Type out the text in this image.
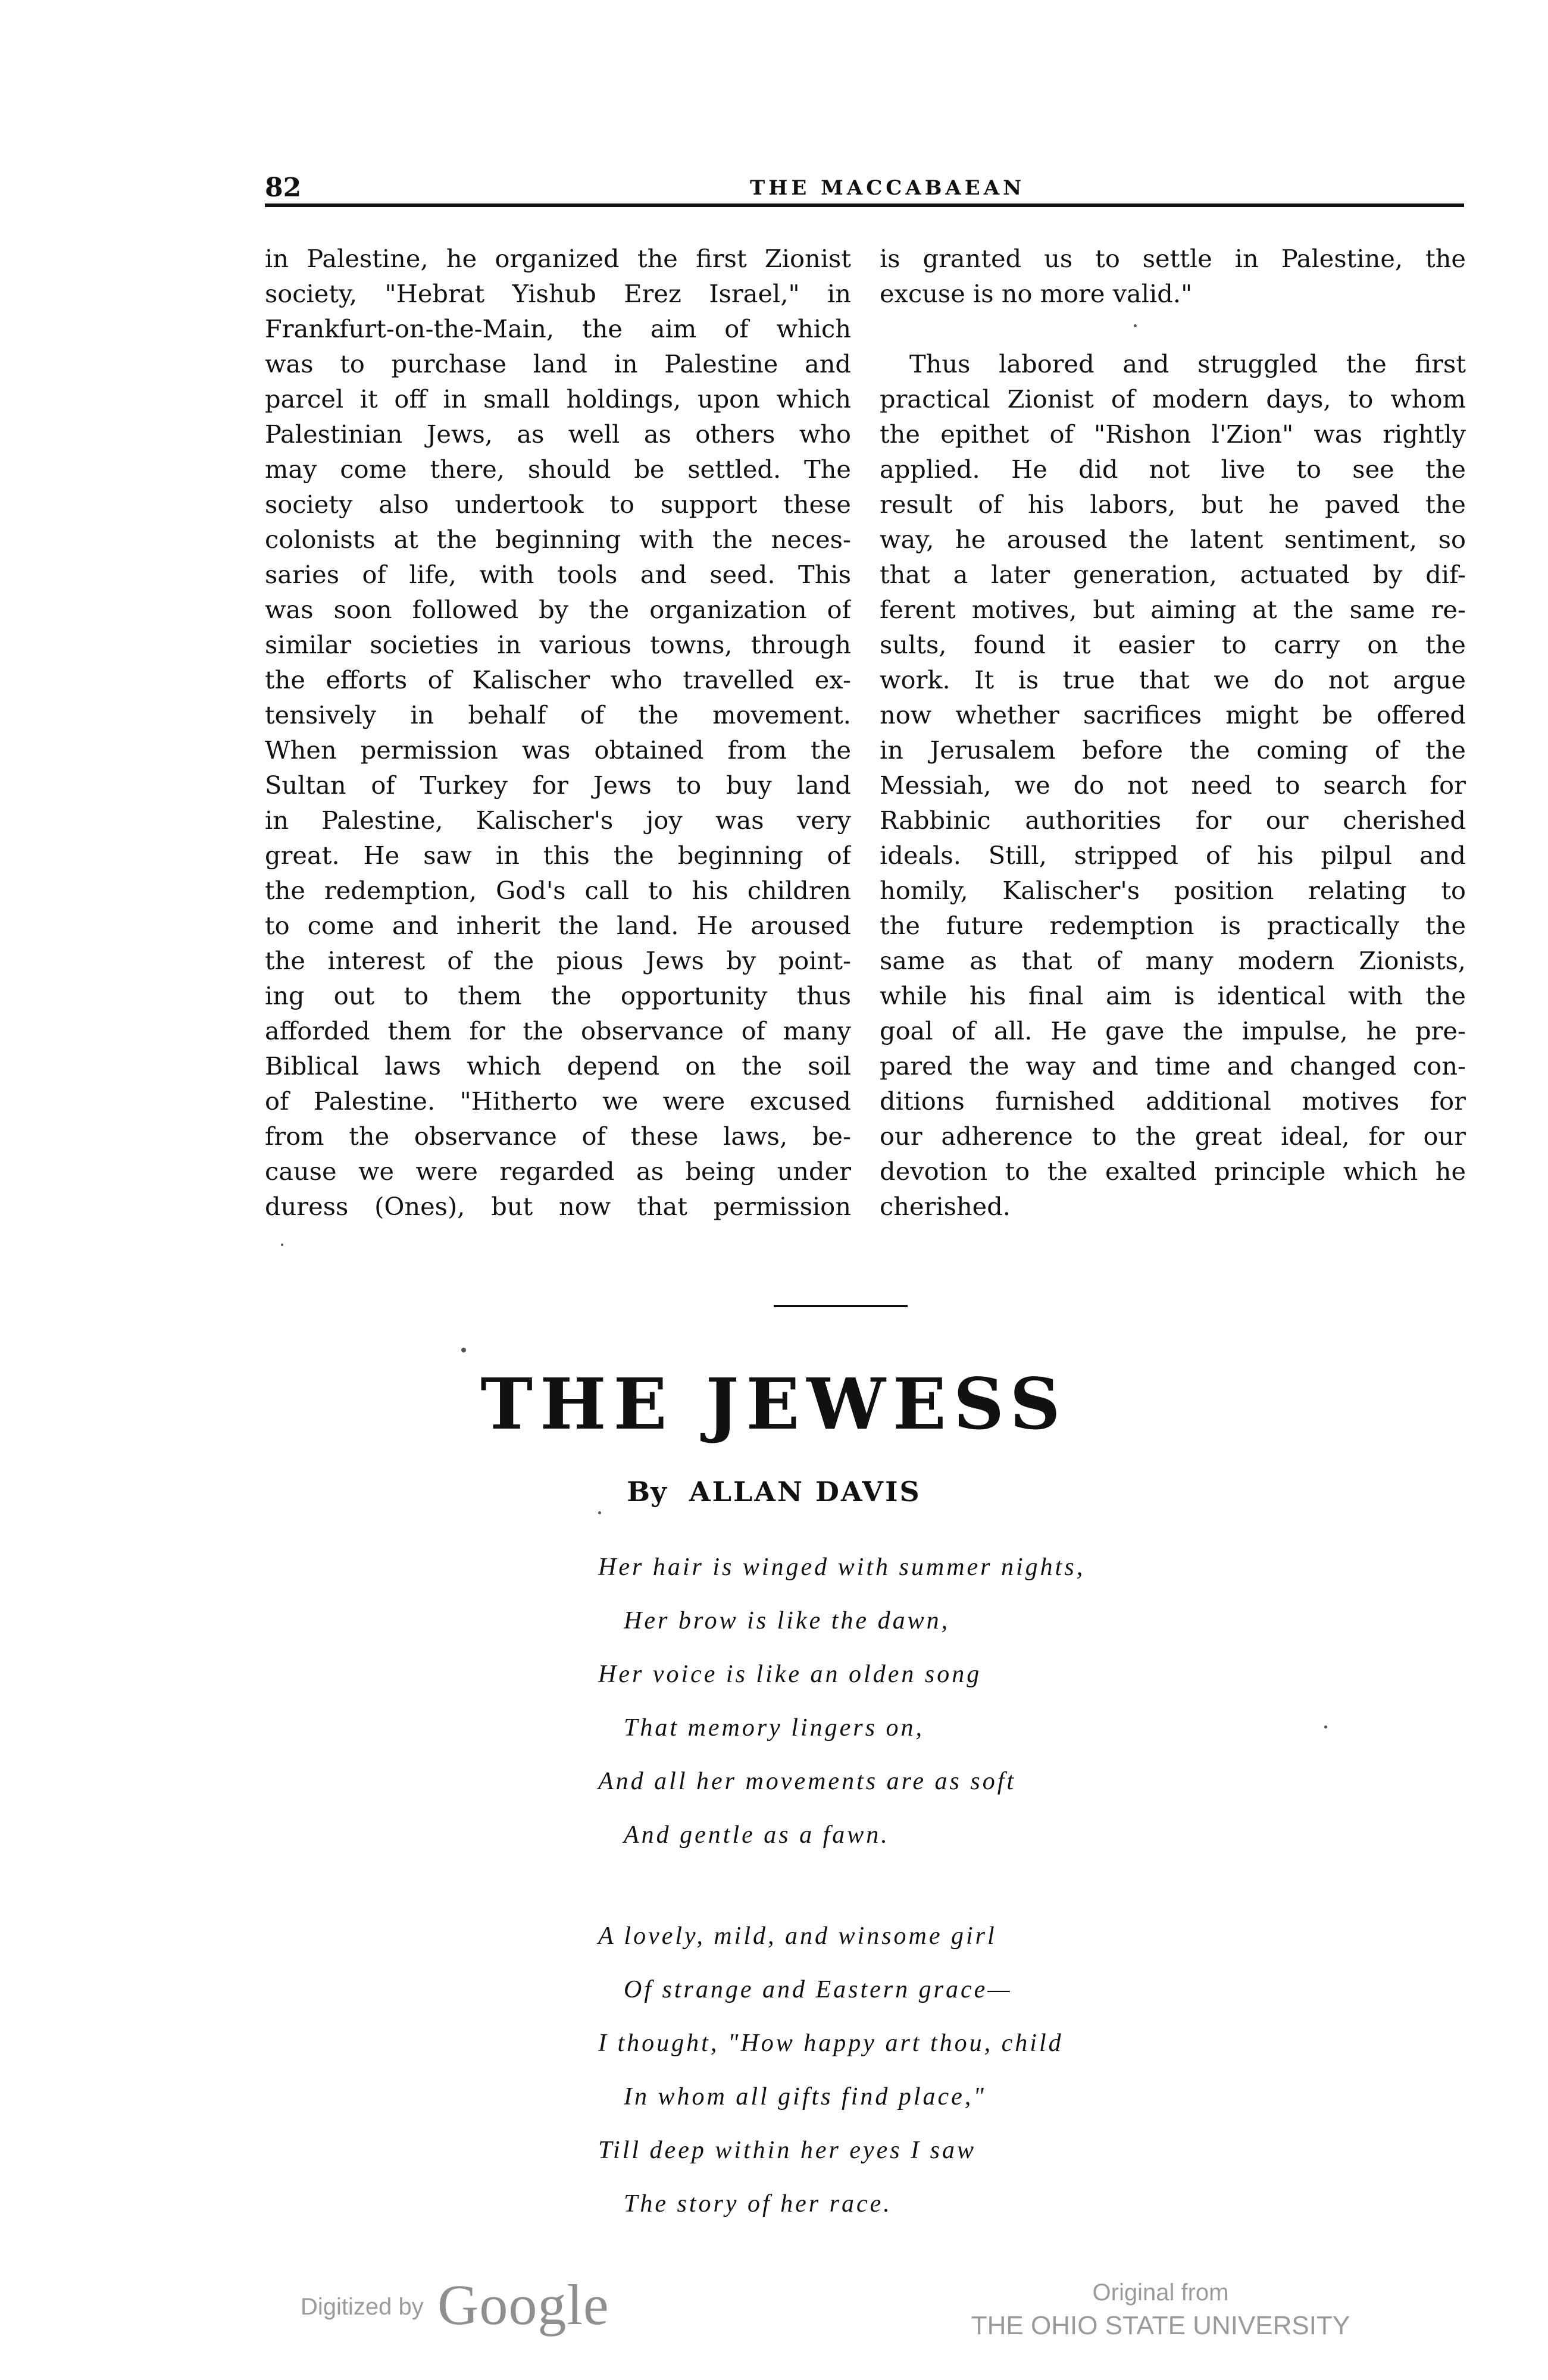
82	THE MACCABAEAN
in Palestine, he organized the first Zionist
society, "Hebrat Yishub Erez Israel," in
Frankfurt-on-the-Main, the aim of which
was to purchase land in Palestine and
parcel it off in small holdings, upon which
Palestinian Jews, as well as others who
may come there, should be settled. The
society also undertook to support these
colonists at the beginning with the neces-
saries of life, with tools and seed. This
was soon followed by the organization of
similar societies in various towns, through
the efforts of Kalischer who travelled ex-
tensively in behalf of the movement.
When permission was obtained from the
Sultan of Turkey for Jews to buy land
in Palestine, Kalischer's joy was very
great. He saw in this the beginning of
the redemption, God's call to his children
to come and inherit the land. He aroused
the interest of the pious Jews by point-
ing out to them the opportunity thus
afforded them for the observance of many
Biblical laws which depend on the soil
of Palestine. "Hitherto we were excused
from the observance of these laws, be-
cause we were regarded as being under
duress (Ones), but now that permission
is granted us to settle in Palestine, the
excuse is no more valid."
Thus labored and struggled the first
practical Zionist of modern days, to whom
the epithet of "Rishon l'Zion" was rightly
applied. He did not live to see the
result of his labors, but he paved the
way, he aroused the latent sentiment, so
that a later generation, actuated by dif-
ferent motives, but aiming at the same re-
sults, found it easier to carry on the
work. It is true that we do not argue
now whether sacrifices might be offered
in Jerusalem before the coming of the
Messiah, we do not need to search for
Rabbinic authorities for our cherished
ideals. Still, stripped of his pilpul and
homily, Kalischer's position relating to
the future redemption is practically the
same as that of many modern Zionists,
while his final aim is identical with the
goal of all. He gave the impulse, he pre-
pared the way and time and changed con-
ditions furnished additional motives for
our adherence to the great ideal, for our
devotion to the exalted principle which he
cherished.
THE JEWESS
By ALLAN DAVIS
Her hair is winged with summer nights,
Her brow is like the dawn,
Her voice is like an olden song
That memory lingers on,
And all her movements are as soft
And gentle as a fawn.
A lovely, mild, and winsome girl
Of strange and Eastern grace—
I thought, "How happy art thou, child
In whom all gifts find place,"
Till deep within her eyes I saw
The story of her race.
Digitized by Google	Original from
THE OHIO STATE UNIVERSITY
